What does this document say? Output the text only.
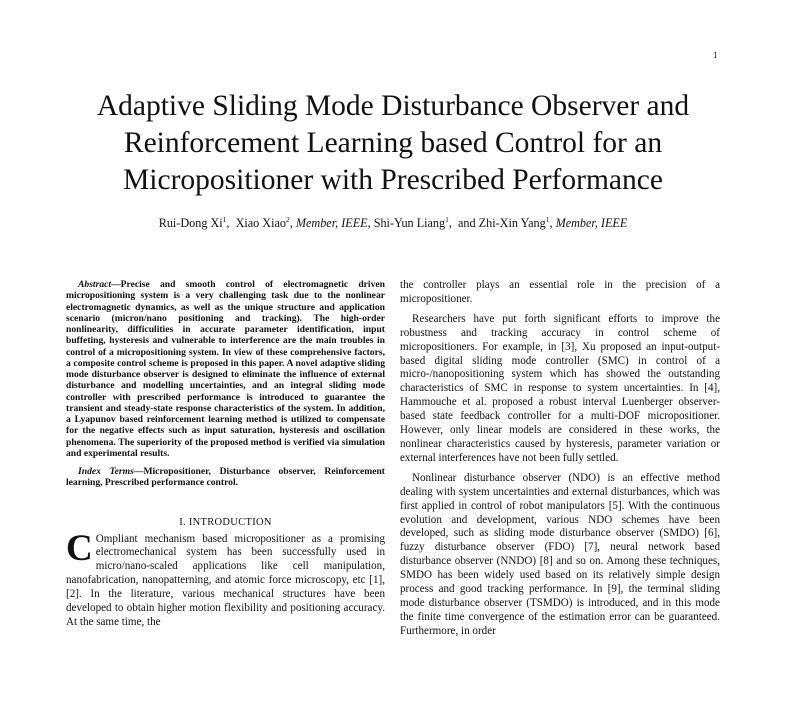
1
Adaptive Sliding Mode Disturbance Observer and Reinforcement Learning based Control for an Micropositioner with Prescribed Performance
Rui-Dong Xi$^1$,  Xiao Xiao$^2$, Member, IEEE, Shi-Yun Liang$^1$,  and Zhi-Xin Yang$^1$, Member, IEEE

Abstract—Precise and smooth control of electromagnetic driven micropositioning system is a very challenging task due to the nonlinear electromagnetic dynamics, as well as the unique structure and application scenario (micron/nano positioning and tracking). The high-order nonlinearity, difficulities in accurate parameter identification, input buffeting, hysteresis and vulnerable to interference are the main troubles in control of a micropositioning system. In view of these comprehensive factors, a composite control scheme is proposed in this paper. A novel adaptive sliding mode disturbance observer is designed to eliminate the influence of external disturbance and modelling uncertainties, and an integral sliding mode controller with prescribed performance is introduced to guarantee the transient and steady-state response characteristics of the system. In addition, a Lyapunov based reinforcement learning method is utilized to compensate for the negative effects such as input saturation, hysteresis and oscillation phenomena. The superiority of the proposed method is verified via simulation and experimental results.

Index Terms—Micropositioner, Disturbance observer, Reinforcement learning, Prescribed performance control.

I. INTRODUCTION

C Ompliant mechanism based micropositioner as a promising electromechanical system has been successfully used in micro/nano-scaled applications like cell manipulation, nanofabrication, nanopatterning, and atomic force microscopy, etc [1], [2]. In the literature, various mechanical structures have been developed to obtain higher motion flexibility and positioning accuracy. At the same time, the

the controller plays an essential role in the precision of a micropositioner.

Researchers have put forth significant efforts to improve the robustness and tracking accuracy in control scheme of micropositioners. For example, in [3], Xu proposed an input-output-based digital sliding mode controller (SMC) in control of a micro-/nanopositioning system which has showed the outstanding characteristics of SMC in response to system uncertainties. In [4], Hammouche et al. proposed a robust interval Luenberger observer-based state feedback controller for a multi-DOF micropositioner. However, only linear models are considered in these works, the nonlinear characteristics caused by hysteresis, parameter variation or external interferences have not been fully settled.

Nonlinear disturbance observer (NDO) is an effective method dealing with system uncertainties and external disturbances, which was first applied in control of robot manipulators [5]. With the continuous evolution and development, various NDO schemes have been developed, such as sliding mode disturbance observer (SMDO) [6], fuzzy disturbance observer (FDO) [7], neural network based disturbance observer (NNDO) [8] and so on. Among these techniques, SMDO has been widely used based on its relatively simple design process and good tracking performance. In [9], the terminal sliding mode disturbance observer (TSMDO) is introduced, and in this mode the finite time convergence of the estimation error can be guaranteed. Furthermore, in order
